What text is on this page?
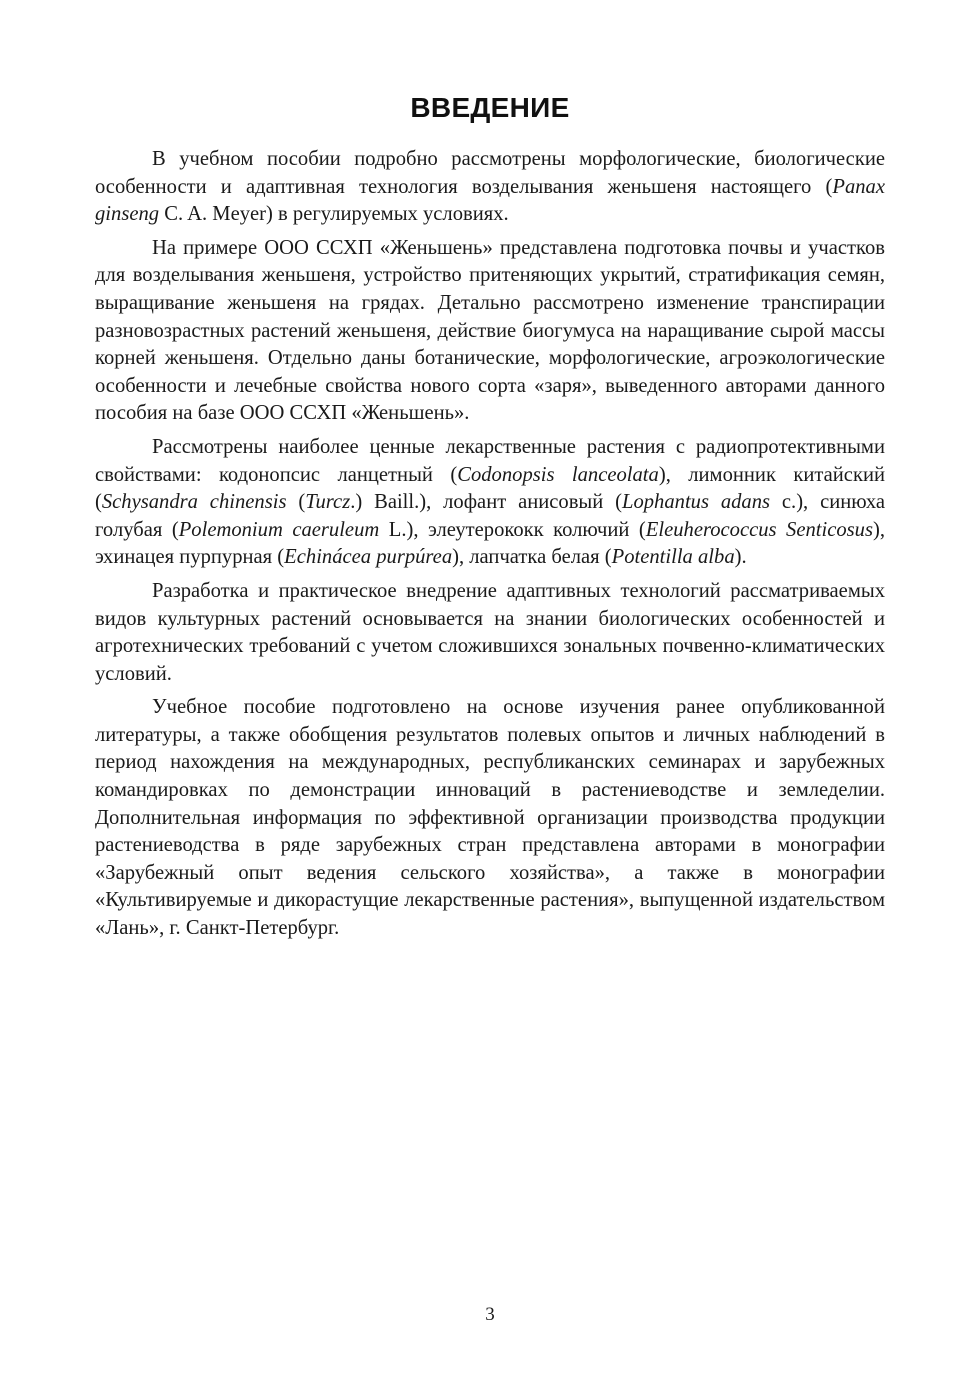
ВВЕДЕНИЕ

В учебном пособии подробно рассмотрены морфологические, биологические особенности и адаптивная технология возделывания женьшеня настоящего (Panax ginseng C. A. Meyer) в регулируемых условиях.

На примере ООО ССХП «Женьшень» представлена подготовка почвы и участков для возделывания женьшеня, устройство притеняющих укрытий, стратификация семян, выращивание женьшеня на грядах. Детально рассмотрено изменение транспирации разновозрастных растений женьшеня, действие биогумуса на наращивание сырой массы корней женьшеня. Отдельно даны ботанические, морфологические, агроэкологические особенности и лечебные свойства нового сорта «заря», выведенного авторами данного пособия на базе ООО ССХП «Женьшень».

Рассмотрены наиболее ценные лекарственные растения с радиопротективными свойствами: кодонопсис ланцетный (Codonopsis lanceolata), лимонник китайский (Schysandra chinensis (Turcz.) Baill.), лофант анисовый (Lophantus adans c.), синюха голубая (Polemonium caeruleum L.), элеутерококк колючий (Eleuherococcus Senticosus), эхинацея пурпурная (Echinácea purpúrea), лапчатка белая (Potentilla alba).

Разработка и практическое внедрение адаптивных технологий рассматриваемых видов культурных растений основывается на знании биологических особенностей и агротехнических требований с учетом сложившихся зональных почвенно-климатических условий.

Учебное пособие подготовлено на основе изучения ранее опубликованной литературы, а также обобщения результатов полевых опытов и личных наблюдений в период нахождения на международных, республиканских семинарах и зарубежных командировках по демонстрации инноваций в растениеводстве и земледелии. Дополнительная информация по эффективной организации производства продукции растениеводства в ряде зарубежных стран представлена авторами в монографии «Зарубежный опыт ведения сельского хозяйства», а также в монографии «Культивируемые и дикорастущие лекарственные растения», выпущенной издательством «Лань», г. Санкт-Петербург.

3
